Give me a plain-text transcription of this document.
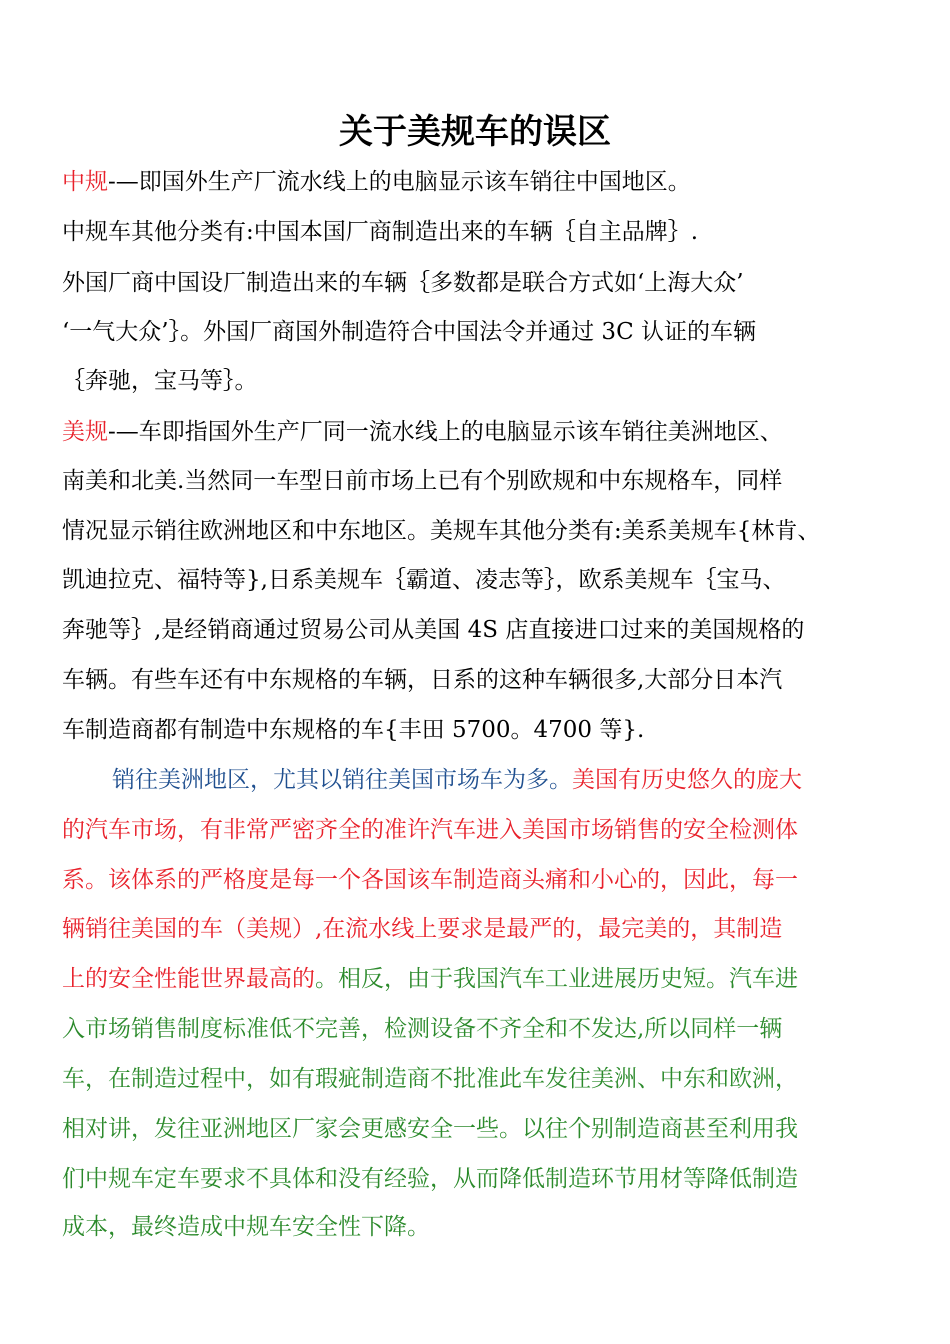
关于美规车的误区
中规-—即国外生产厂流水线上的电脑显示该车销往中国地区。
中规车其他分类有:中国本国厂商制造出来的车辆｛自主品牌｝.
外国厂商中国设厂制造出来的车辆｛多数都是联合方式如‘上海大众’
‘一气大众’｝。外国厂商国外制造符合中国法令并通过 3C 认证的车辆
｛奔驰，宝马等｝。
美规-—车即指国外生产厂同一流水线上的电脑显示该车销往美洲地区、
南美和北美.当然同一车型日前市场上已有个别欧规和中东规格车，同样
情况显示销往欧洲地区和中东地区。美规车其他分类有:美系美规车{林肯、
凯迪拉克、福特等},日系美规车｛霸道、凌志等｝，欧系美规车｛宝马、
奔驰等｝,是经销商通过贸易公司从美国 4S 店直接进口过来的美国规格的
车辆。有些车还有中东规格的车辆，日系的这种车辆很多,大部分日本汽
车制造商都有制造中东规格的车{丰田 5700。4700 等}.
销往美洲地区，尤其以销往美国市场车为多。美国有历史悠久的庞大
的汽车市场，有非常严密齐全的准许汽车进入美国市场销售的安全检测体
系。该体系的严格度是每一个各国该车制造商头痛和小心的，因此，每一
辆销往美国的车（美规）,在流水线上要求是最严的，最完美的，其制造
上的安全性能世界最高的。相反，由于我国汽车工业进展历史短。汽车进
入市场销售制度标准低不完善，检测设备不齐全和不发达,所以同样一辆
车，在制造过程中，如有瑕疵制造商不批准此车发往美洲、中东和欧洲，
相对讲，发往亚洲地区厂家会更感安全一些。以往个别制造商甚至利用我
们中规车定车要求不具体和没有经验，从而降低制造环节用材等降低制造
成本，最终造成中规车安全性下降。
